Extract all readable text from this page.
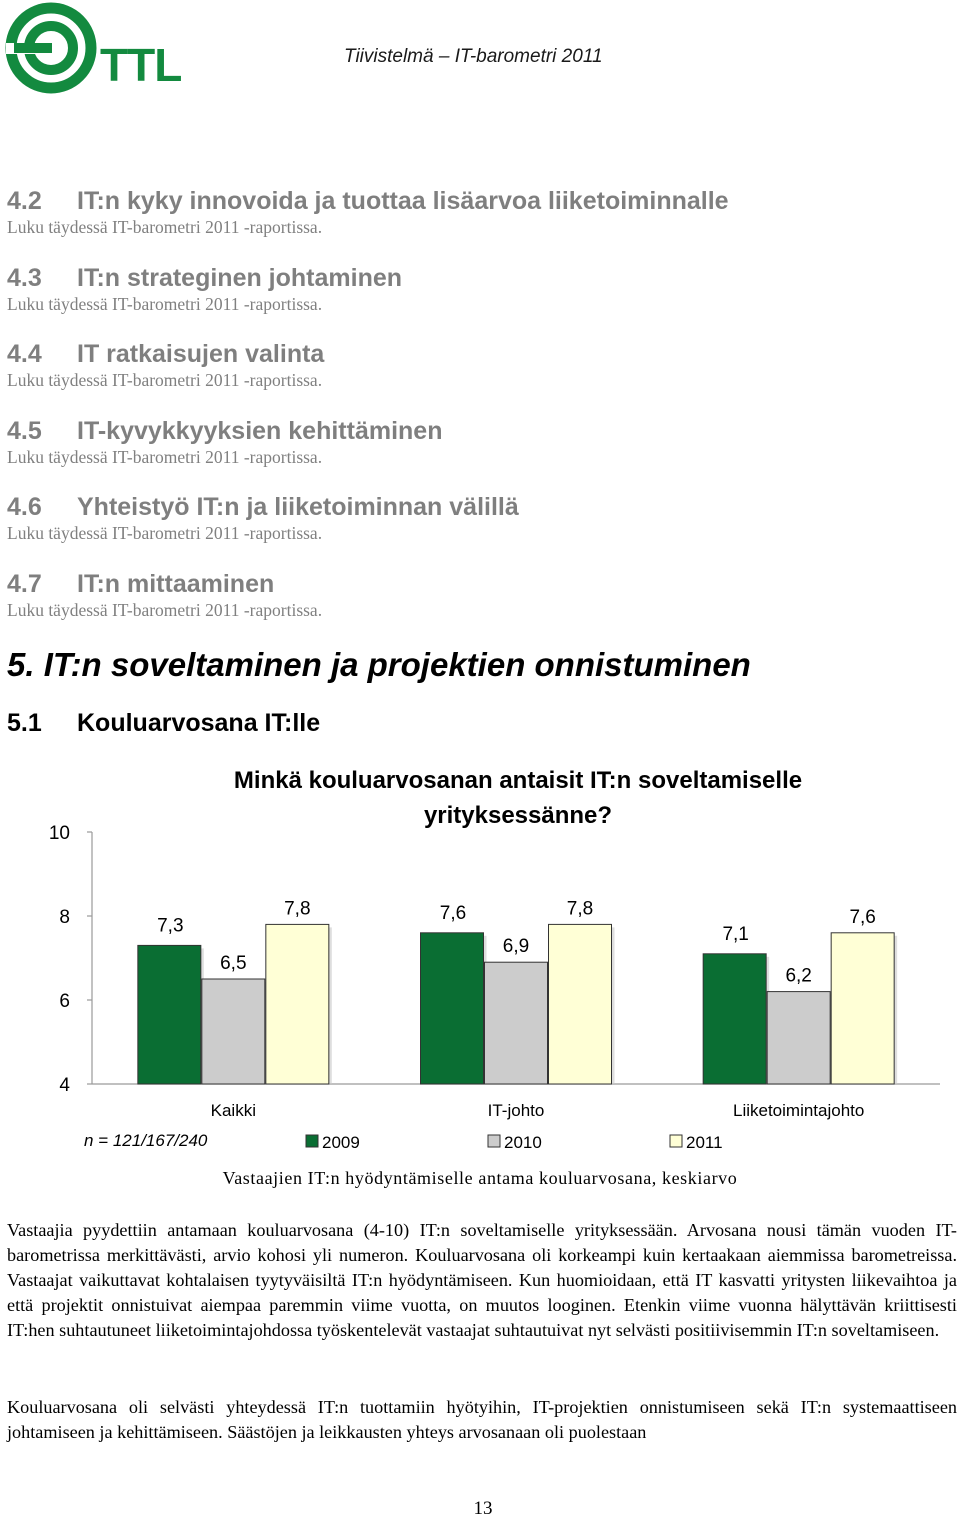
TTL	Tiivistelmä – IT-barometri 2011
4.2 IT:n kyky innovoida ja tuottaa lisäarvoa liiketoiminnalle
Luku täydessä IT-barometri 2011 -raportissa.
4.3 IT:n strateginen johtaminen
Luku täydessä IT-barometri 2011 -raportissa.
4.4 IT ratkaisujen valinta
Luku täydessä IT-barometri 2011 -raportissa.
4.5 IT-kyvykkyyksien kehittäminen
Luku täydessä IT-barometri 2011 -raportissa.
4.6 Yhteistyö IT:n ja liiketoiminnan välillä
Luku täydessä IT-barometri 2011 -raportissa.
4.7 IT:n mittaaminen
Luku täydessä IT-barometri 2011 -raportissa.
5. IT:n soveltaminen ja projektien onnistuminen
5.1 Kouluarvosana IT:lle
Minkä kouluarvosanan antaisit IT:n soveltamiselle
yrityksessänne?
4
6
8
10
7,3
6,5
7,8
Kaikki
7,6
6,9
7,8
IT-johto
7,1
6,2
7,6
Liiketoimintajohto
n = 121/167/240	2009	2010	2011
Vastaajien IT:n hyödyntämiselle antama kouluarvosana, keskiarvo

Vastaajia pyydettiin antamaan kouluarvosana (4-10) IT:n soveltamiselle yrityksessään. Arvosana nousi tämän vuoden IT-barometrissa merkittävästi, arvio kohosi yli numeron. Kouluarvosana oli korkeampi kuin kertaakaan aiemmissa barometreissa. Vastaajat vaikuttavat kohtalaisen tyytyväisiltä IT:n hyödyntämiseen. Kun huomioidaan, että IT kasvatti yritysten liikevaihtoa ja että projektit onnistuivat aiempaa paremmin viime vuotta, on muutos looginen. Etenkin viime vuonna hälyttävän kriittisesti IT:hen suhtautuneet liiketoimintajohdossa työskentelevät vastaajat suhtautuivat nyt selvästi positiivisemmin IT:n soveltamiseen.

Kouluarvosana oli selvästi yhteydessä IT:n tuottamiin hyötyihin, IT-projektien onnistumiseen sekä IT:n systemaattiseen johtamiseen ja kehittämiseen. Säästöjen ja leikkausten yhteys arvosanaan oli puolestaan

13
